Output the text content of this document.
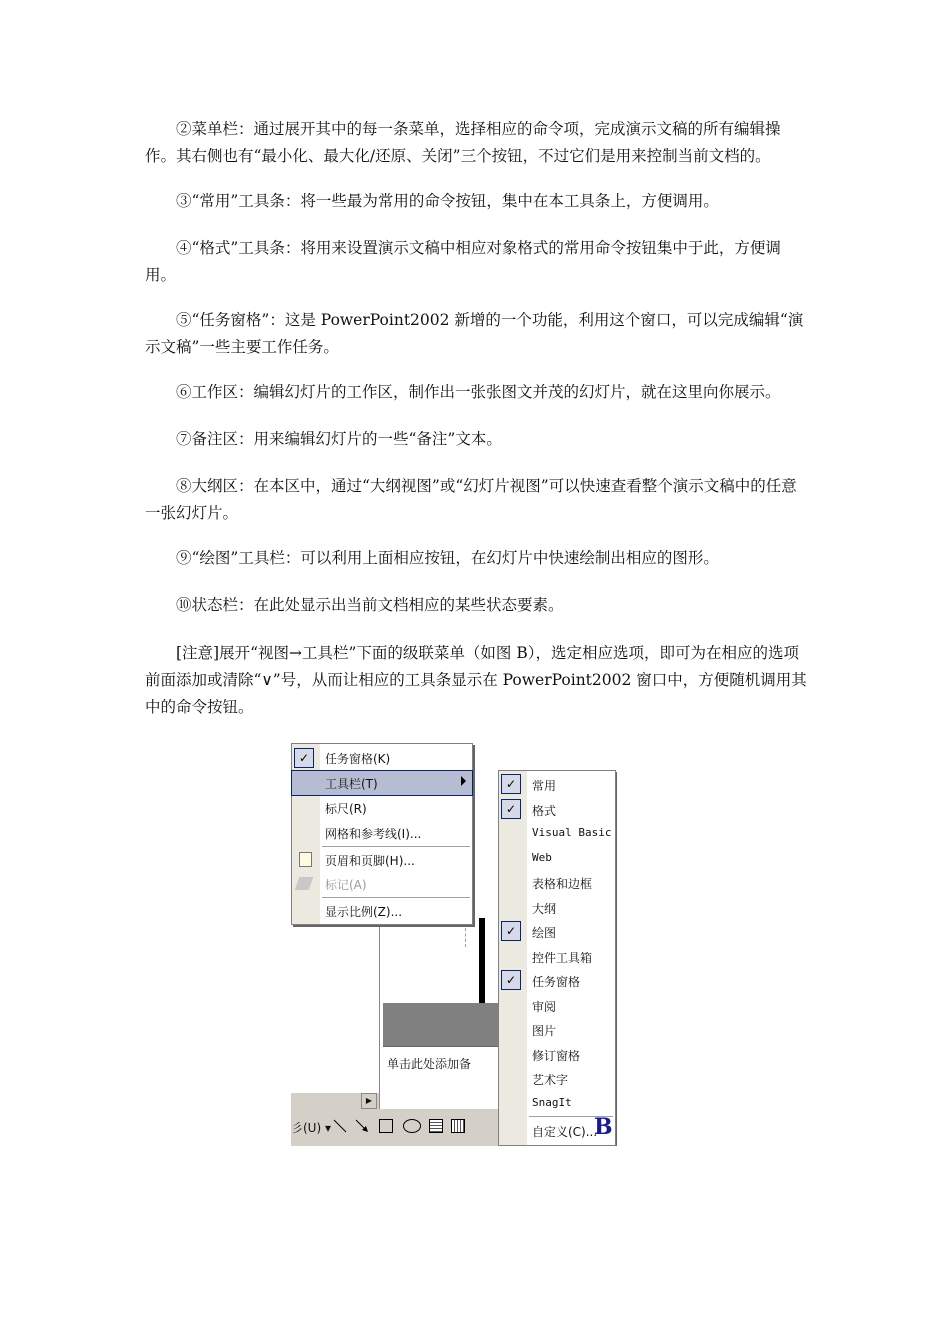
②菜单栏：通过展开其中的每一条菜单，选择相应的命令项，完成演示文稿的所有编辑操作。其右侧也有“最小化、最大化/还原、关闭”三个按钮，不过它们是用来控制当前文档的。

③“常用”工具条：将一些最为常用的命令按钮，集中在本工具条上，方便调用。

④“格式”工具条：将用来设置演示文稿中相应对象格式的常用命令按钮集中于此，方便调用。

⑤“任务窗格”：这是 PowerPoint2002 新增的一个功能，利用这个窗口，可以完成编辑“演示文稿”一些主要工作任务。

⑥工作区：编辑幻灯片的工作区，制作出一张张图文并茂的幻灯片，就在这里向你展示。

⑦备注区：用来编辑幻灯片的一些“备注”文本。

⑧大纲区：在本区中，通过“大纲视图”或“幻灯片视图”可以快速查看整个演示文稿中的任意一张幻灯片。

⑨“绘图”工具栏：可以利用上面相应按钮，在幻灯片中快速绘制出相应的图形。

⑩状态栏：在此处显示出当前文档相应的某些状态要素。

[注意]展开“视图→工具栏”下面的级联菜单（如图 B），选定相应选项，即可为在相应的选项前面添加或清除“∨”号，从而让相应的工具条显示在 PowerPoint2002 窗口中，方便随机调用其中的命令按钮。

单击此处添加备
▶
彡(U) ▾
✓	任务窗格(K)
工具栏(T)
标尺(R)
网格和参考线(I)...
页眉和页脚(H)...
标记(A)
显示比例(Z)...
✓	常用
✓	格式
Visual Basic
Web
表格和边框
大纲
✓	绘图
控件工具箱
✓	任务窗格
审阅
图片
修订窗格
艺术字
SnagIt
自定义(C)...
B
